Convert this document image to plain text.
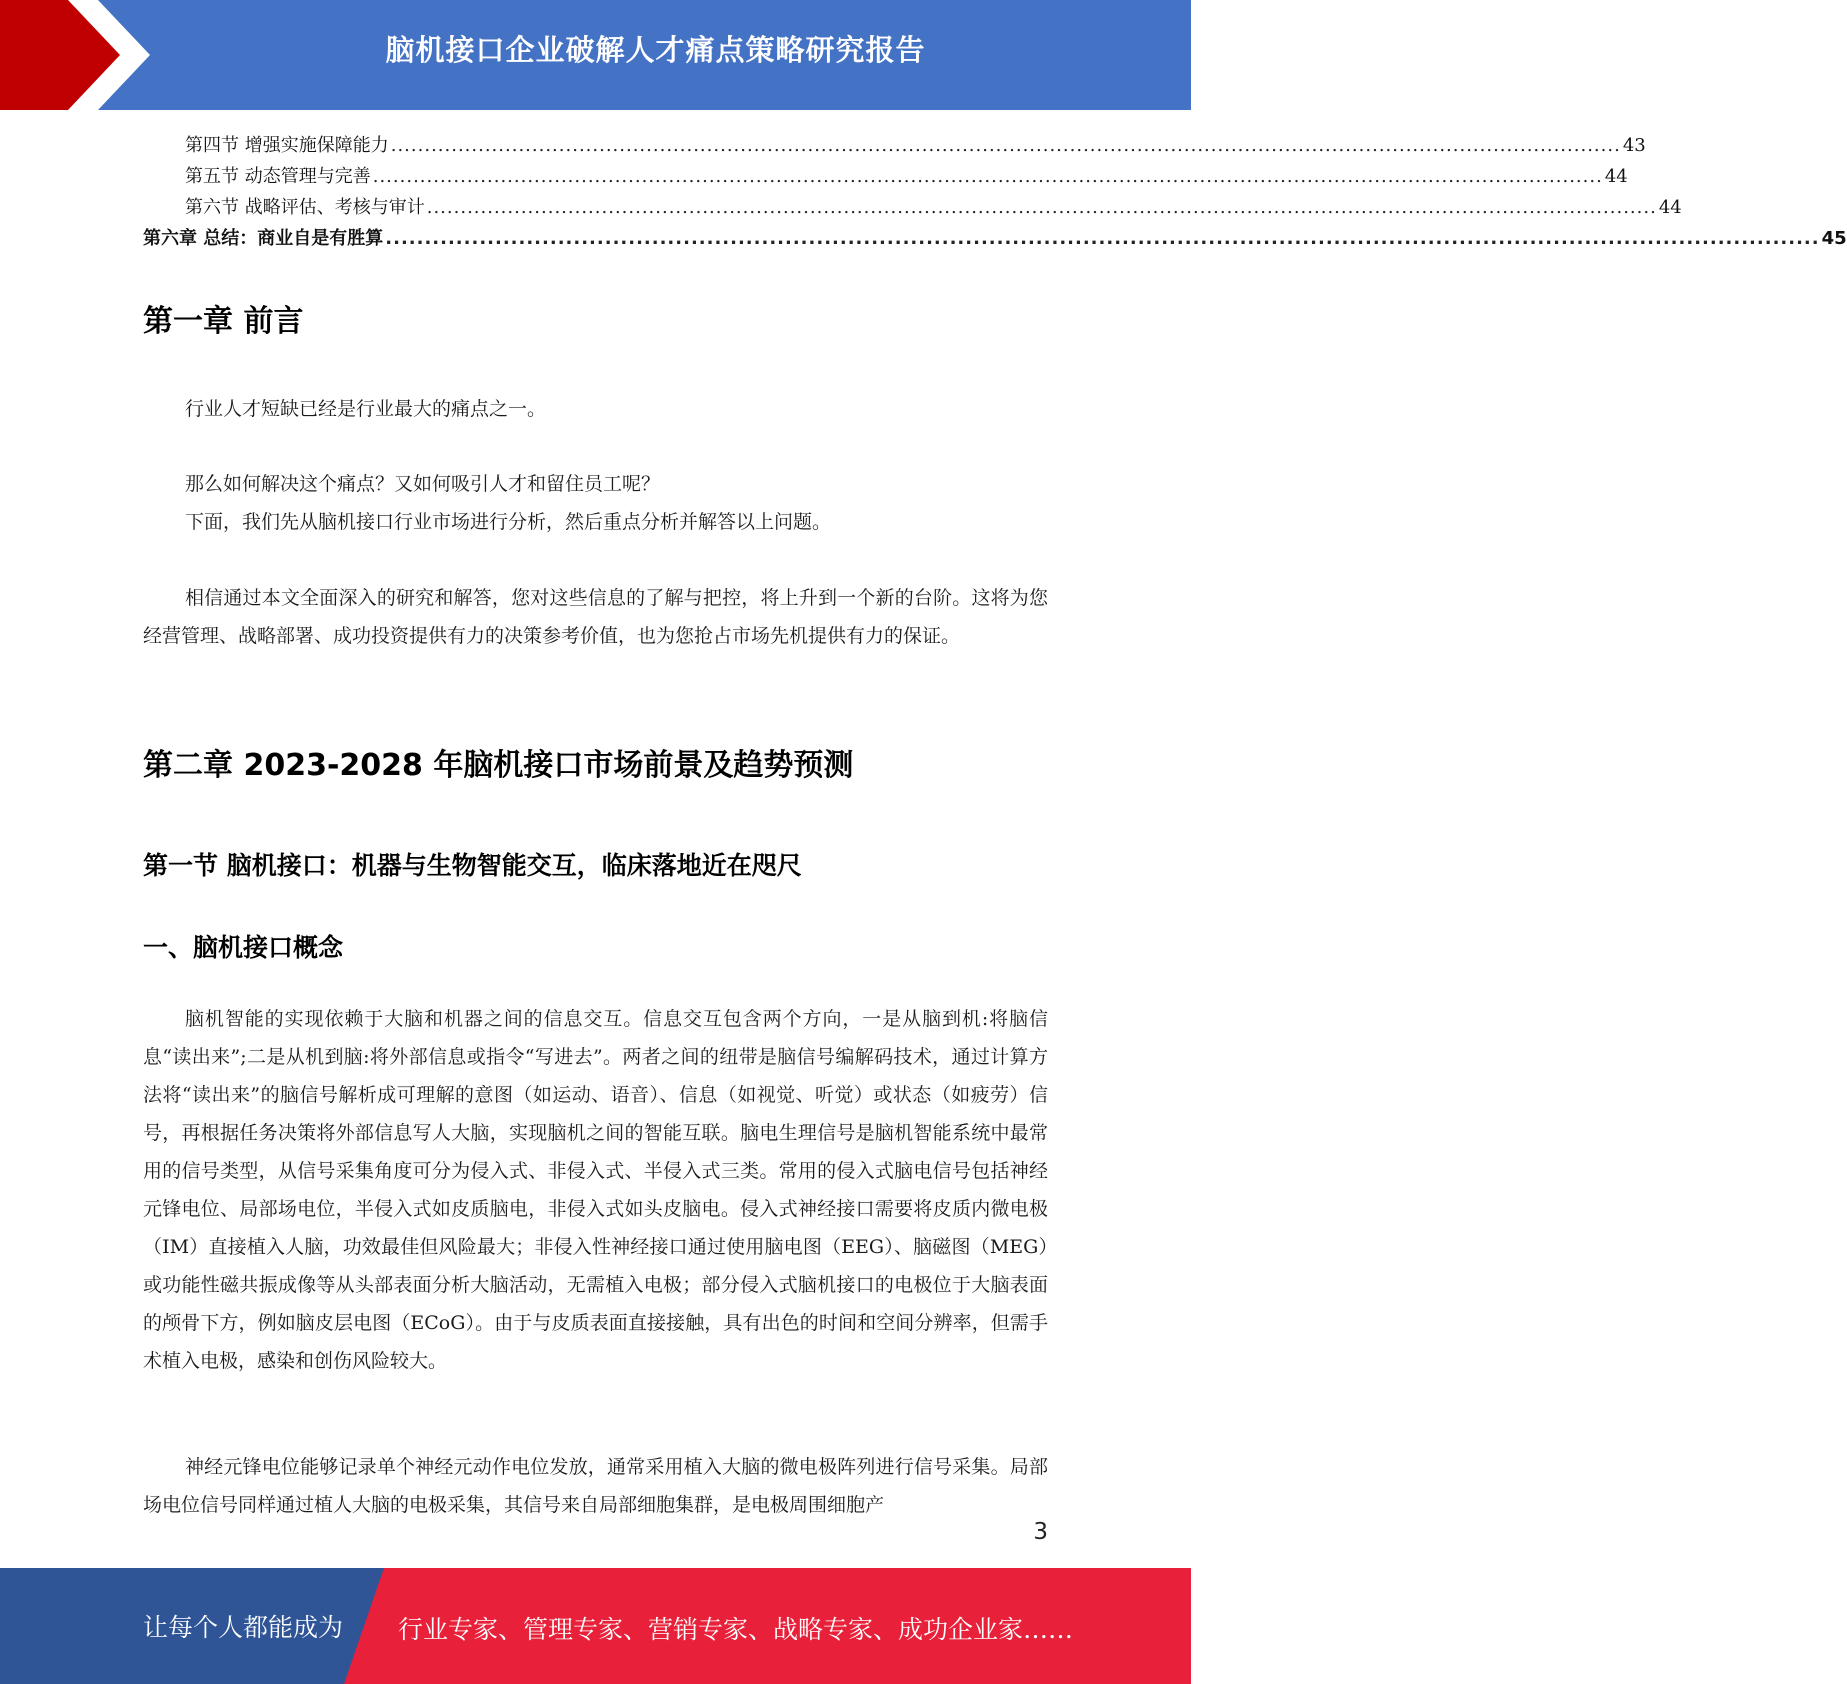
脑机接口企业破解人才痛点策略研究报告
第四节 增强实施保障能力 ....................................................................................................................................................................................... 43
第五节 动态管理与完善 ....................................................................................................................................................................................... 44
第六节 战略评估、考核与审计 ....................................................................................................................................................................................... 44
第六章 总结：商业自是有胜算 ....................................................................................................................................................................................... 45
第一章 前言
行业人才短缺已经是行业最大的痛点之一。
那么如何解决这个痛点？又如何吸引人才和留住员工呢？
下面，我们先从脑机接口行业市场进行分析，然后重点分析并解答以上问题。
相信通过本文全面深入的研究和解答，您对这些信息的了解与把控，将上升到一个新的台阶。这将为您经营管理、战略部署、成功投资提供有力的决策参考价值，也为您抢占市场先机提供有力的保证。
第二章 2023-2028 年脑机接口市场前景及趋势预测
第一节 脑机接口：机器与生物智能交互，临床落地近在咫尺
一、脑机接口概念
脑机智能的实现依赖于大脑和机器之间的信息交互。信息交互包含两个方向，一是从脑到机:将脑信息“读出来”;二是从机到脑:将外部信息或指令“写进去”。两者之间的纽带是脑信号编解码技术，通过计算方法将“读出来”的脑信号解析成可理解的意图（如运动、语音）、信息（如视觉、听觉）或状态（如疲劳）信号，再根据任务决策将外部信息写人大脑，实现脑机之间的智能互联。脑电生理信号是脑机智能系统中最常用的信号类型，从信号采集角度可分为侵入式、非侵入式、半侵入式三类。常用的侵入式脑电信号包括神经元锋电位、局部场电位，半侵入式如皮质脑电，非侵入式如头皮脑电。侵入式神经接口需要将皮质内微电极（IM）直接植入人脑，功效最佳但风险最大；非侵入性神经接口通过使用脑电图（EEG）、脑磁图（MEG）或功能性磁共振成像等从头部表面分析大脑活动，无需植入电极；部分侵入式脑机接口的电极位于大脑表面的颅骨下方，例如脑皮层电图（ECoG）。由于与皮质表面直接接触，具有出色的时间和空间分辨率，但需手术植入电极，感染和创伤风险较大。
神经元锋电位能够记录单个神经元动作电位发放，通常采用植入大脑的微电极阵列进行信号采集。局部场电位信号同样通过植人大脑的电极采集，其信号来自局部细胞集群，是电极周围细胞产
3
让每个人都能成为 行业专家、管理专家、营销专家、战略专家、成功企业家……
